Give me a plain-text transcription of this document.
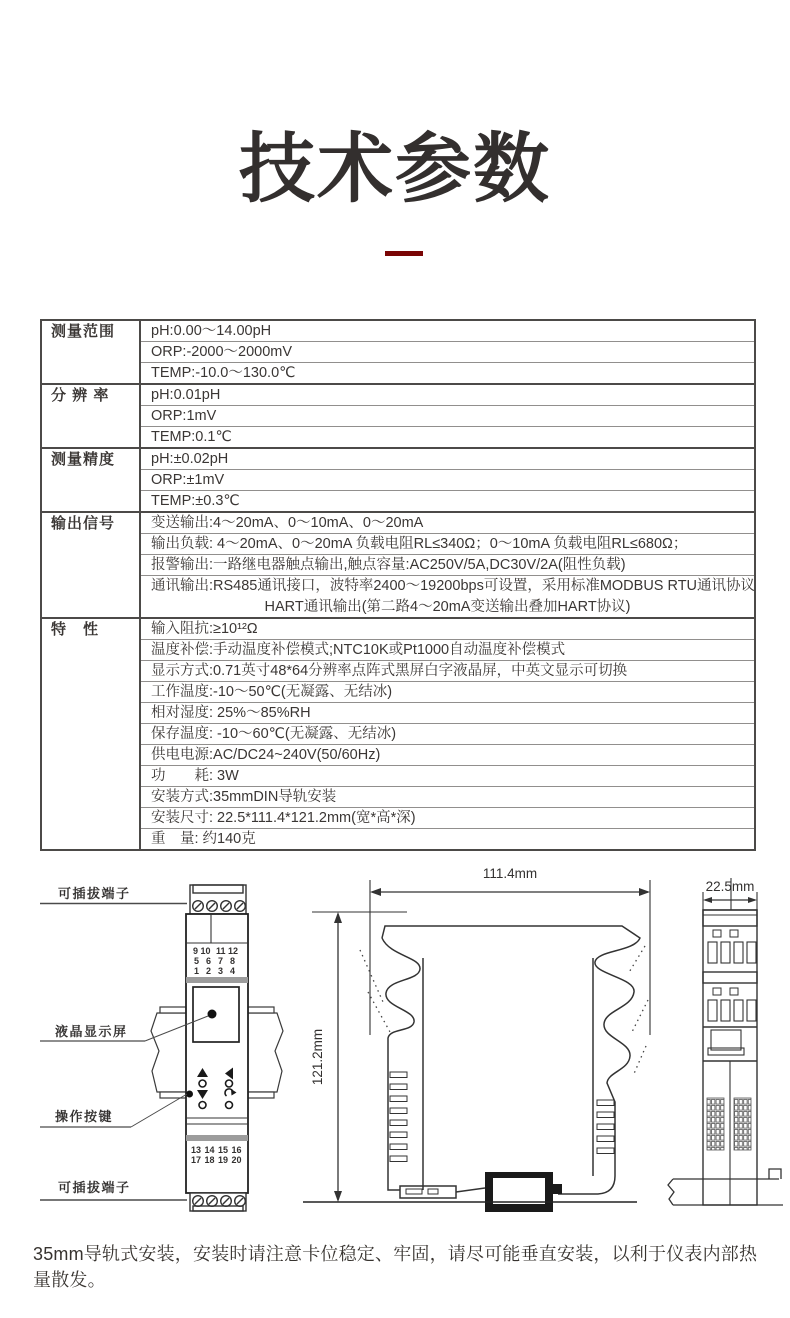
技术参数
测量范围	pH:0.00～14.00pH
	ORP:-2000～2000mV
	TEMP:-10.0～130.0℃
分 辨 率	pH:0.01pH
	ORP:1mV
	TEMP:0.1℃
测量精度	pH:±0.02pH
	ORP:±1mV
	TEMP:±0.3℃
输出信号	变送输出:4～20mA、0～10mA、0～20mA
	输出负载: 4～20mA、0～20mA 负载电阻RL≤340Ω；0～10mA 负载电阻RL≤680Ω；
	报警输出:一路继电器触点输出,触点容量:AC250V/5A,DC30V/2A(阻性负载)

	通讯输出:RS485通讯接口，波特率2400～19200bps可设置，采用标准MODBUS RTU通讯协议
HART通讯输出(第二路4～20mA变送输出叠加HART协议)

特　性	输入阻抗:≥10¹²Ω
	温度补偿:手动温度补偿模式;NTC10K或Pt1000自动温度补偿模式
	显示方式:0.71英寸48*64分辨率点阵式黑屏白字液晶屏，中英文显示可切换
	工作温度:-10～50℃(无凝露、无结冰)
	相对湿度: 25%～85%RH
	保存温度: -10～60℃(无凝露、无结冰)
	供电电源:AC/DC24~240V(50/60Hz)
	功　　耗: 3W
	安装方式:35mmDIN导轨安装
	安装尺寸: 22.5*111.4*121.2mm(宽*高*深)
	重　量: 约140克
可插拔端子
9 10 11 12
5 6 7 8
1 2 3 4
液晶显示屏
操作按键
13 14 15 16
17 18 19 20
可插拔端子
111.4mm
121.2mm
22.5mm
35mm导轨式安装，安装时请注意卡位稳定、牢固，请尽可能垂直安装，以利于仪表内部热量散发。
